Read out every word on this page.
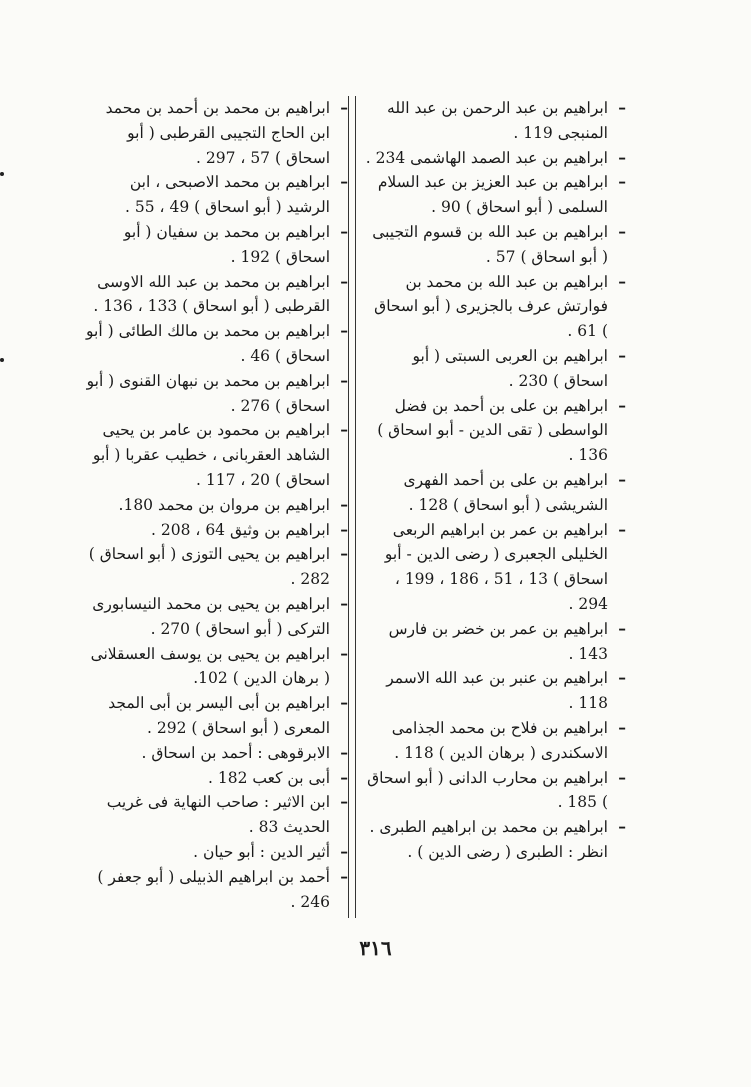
–
ابراهيم بن عبد الرحمن بن عبد الله المنبجى 119 .
–
ابراهيم بن عبد الصمد الهاشمى 234 .
–
ابراهيم بن عبد العزيز بن عبد السلام السلمى ( أبو اسحاق ) 90 .
–
ابراهيم بن عبد الله بن قسوم التجيبى ( أبو اسحاق ) 57 .
–
ابراهيم بن عبد الله بن محمد بن فوارتش عرف بالجزيرى ( أبو اسحاق ) 61 .
–
ابراهيم بن العربى السبتى ( أبو اسحاق ) 230 .
–
ابراهيم بن على بن أحمد بن فضل الواسطى ( تقى الدين - أبو اسحاق ) 136 .
–
ابراهيم بن على بن أحمد الفهرى الشريشى ( أبو اسحاق ) 128 .
–
ابراهيم بن عمر بن ابراهيم الربعى الخليلى الجعبرى ( رضى الدين - أبو اسحاق ) 13 ، 51 ، 186 ، 199 ، 294 .
–
ابراهيم بن عمر بن خضر بن فارس 143 .
–
ابراهيم بن عنبر بن عبد الله الاسمر 118 .
–
ابراهيم بن فلاح بن محمد الجذامى الاسكندرى ( برهان الدين ) 118 .
–
ابراهيم بن محارب الدانى ( أبو اسحاق ) 185 .
–
ابراهيم بن محمد بن ابراهيم الطبرى . انظر : الطبرى ( رضى الدين ) .
–
ابراهيم بن محمد بن أحمد بن محمد ابن الحاج التجيبى القرطبى ( أبو اسحاق ) 57 ، 297 .
–
ابراهيم بن محمد الاصبحى ، ابن الرشيد ( أبو اسحاق ) 49 ، 55 .
–
ابراهيم بن محمد بن سفيان ( أبو اسحاق ) 192 .
–
ابراهيم بن محمد بن عبد الله الاوسى القرطبى ( أبو اسحاق ) 133 ، 136 .
–
ابراهيم بن محمد بن مالك الطائى ( أبو اسحاق ) 46 .
–
ابراهيم بن محمد بن نبهان القنوى ( أبو اسحاق ) 276 .
–
ابراهيم بن محمود بن عامر بن يحيى الشاهد العقربانى ، خطيب عقربا ( أبو اسحاق ) 20 ، 117 .
–
ابراهيم بن مروان بن محمد 180.
–
ابراهيم بن وثيق 64 ، 208 .
–
ابراهيم بن يحيى التوزى ( أبو اسحاق ) 282 .
–
ابراهيم بن يحيى بن محمد النيسابورى التركى ( أبو اسحاق ) 270 .
–
ابراهيم بن يحيى بن يوسف العسقلانى ( برهان الدين ) 102.
–
ابراهيم بن أبى اليسر بن أبى المجد المعرى ( أبو اسحاق ) 292 .
–
الابرقوهى : أحمد بن اسحاق .
–
أبى بن كعب 182 .
–
ابن الاثير : صاحب النهاية فى غريب الحديث 83 .
–
أثير الدين : أبو حيان .
–
أحمد بن ابراهيم الذبيلى ( أبو جعفر ) 246 .
٣١٦
